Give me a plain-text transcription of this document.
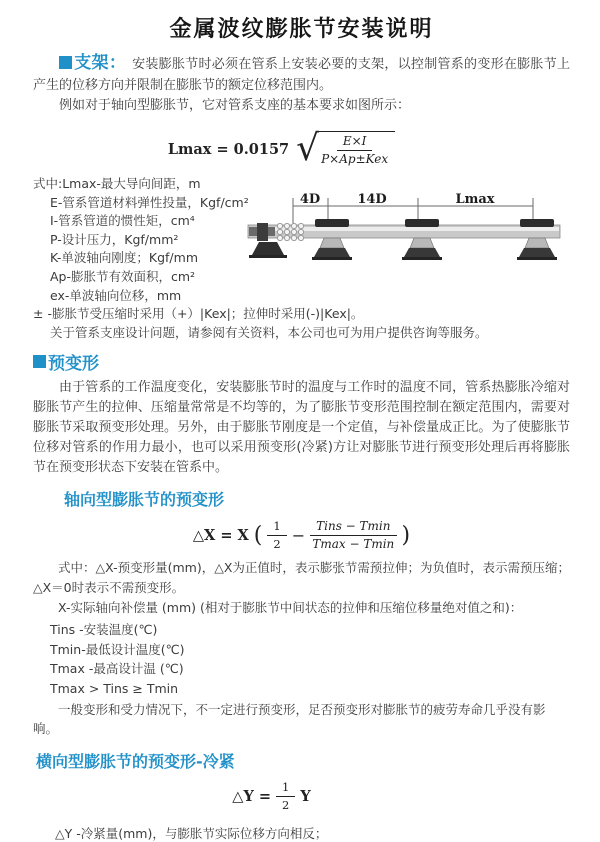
金属波纹膨胀节安装说明

支架： 安装膨胀节时必须在管系上安装必要的支架，以控制管系的变形在膨胀节上产生的位移方向并限制在膨胀节的额定位移范围内。

例如对于轴向型膨胀节，它对管系支座的基本要求如图所示：

Lmax = 0.0157 √	E×I
P×Ap±Kex
式中:Lmax-最大导向间距，m
E-管系管道材料弹性投量，Kgf/cm²
I-管系管道的惯性矩，cm⁴
P-设计压力，Kgf/mm²
K-单波轴向刚度；Kgf/mm
Ap-膨胀节有效面积，cm²
ex-单波轴向位移，mm
± -膨胀节受压缩时采用（+）|Kex|；拉伸时采用(-)|Kex|。
关于管系支座设计问题，请参阅有关资料，本公司也可为用户提供咨询等服务。
4D	14D	Lmax
预变形

由于管系的工作温度变化，安装膨胀节时的温度与工作时的温度不同，管系热膨胀冷缩对膨胀节产生的拉伸、压缩量常常是不均等的，为了膨胀节变形范围控制在额定范围内，需要对膨胀节采取预变形处理。另外，由于膨胀节刚度是一个定值，与补偿量成正比。为了使膨胀节位移对管系的作用力最小，也可以采用预变形(冷紧)方让对膨胀节进行预变形处理后再将膨胀节在预变形状态下安装在管系中。

轴向型膨胀节的预变形
△X = X ( $\frac{1}{2} - \frac{\text{Tins − Tmin}}{Tmax - Tmin}$ )

式中：△X-预变形量(mm)，△X为正值时，表示膨张节需预拉伸；为负值时，表示需预压缩；△X＝0时表示不需预变形。

X-实际轴向补偿量 (mm) (相对于膨胀节中间状态的拉伸和压缩位移量绝对值之和)：

Tins -安装温度(℃)
Tmin-最低设计温度(℃)
Tmax -最高设计温 (℃)
Tmax > Tins ≥ Tmin

一般变形和受力情况下，不一定进行预变形，足否预变形对膨胀节的疲劳寿命几乎没有影响。

横向型膨胀节的预变形-冷紧
△Y = $\frac{1}{2}$ Y

△Y -冷紧量(mm)，与膨胀节实际位移方向相反；
